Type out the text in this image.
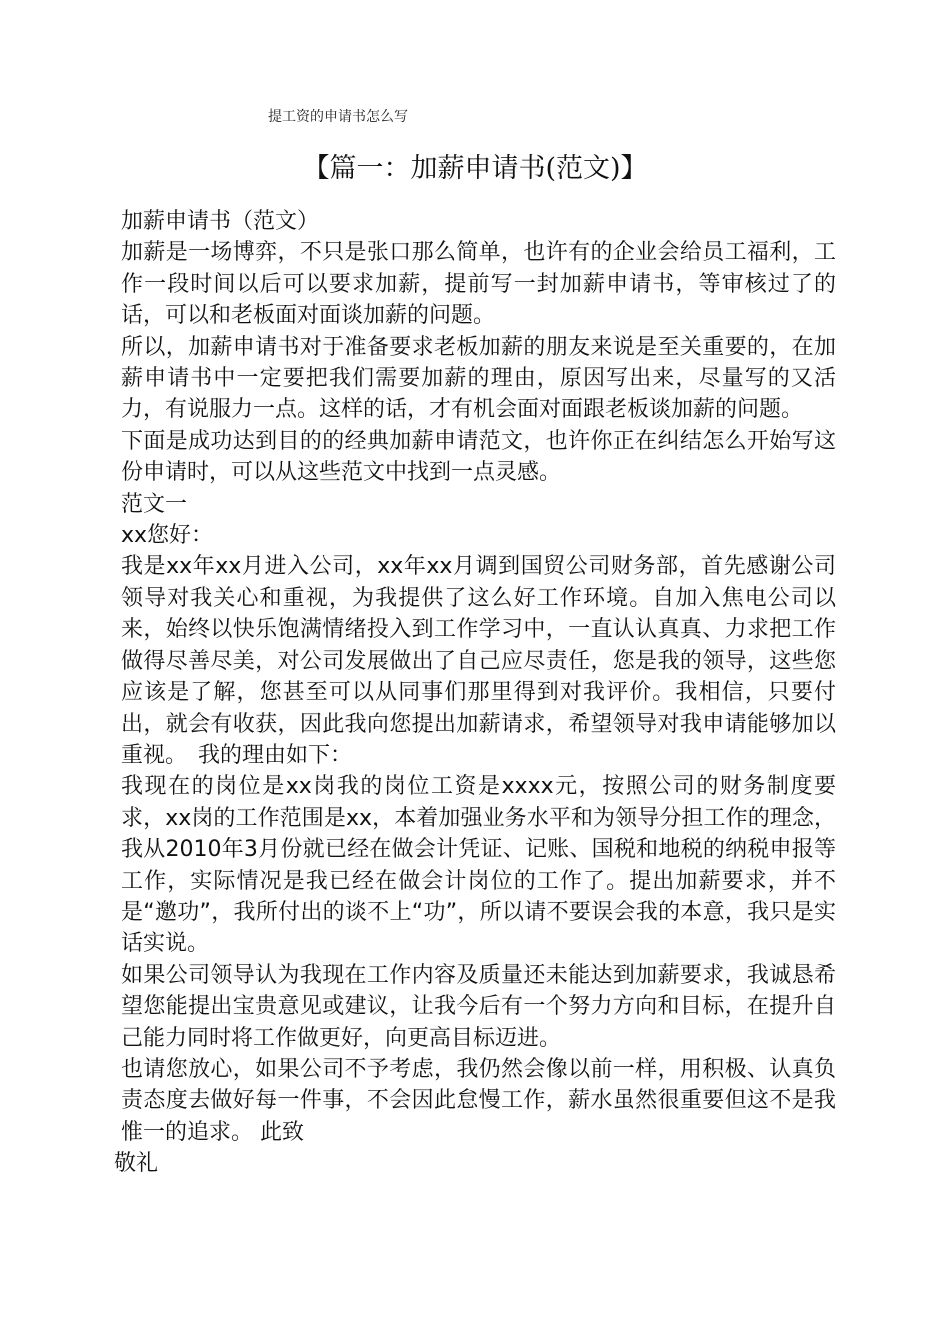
提工资的申请书怎么写
【篇一：加薪申请书(范文)】

加薪申请书（范文）

加薪是一场博弈，不只是张口那么简单，也许有的企业会给员工福利，工作一段时间以后可以要求加薪，提前写一封加薪申请书，等审核过了的话，可以和老板面对面谈加薪的问题。

所以，加薪申请书对于准备要求老板加薪的朋友来说是至关重要的，在加薪申请书中一定要把我们需要加薪的理由，原因写出来，尽量写的又活力，有说服力一点。这样的话，才有机会面对面跟老板谈加薪的问题。

下面是成功达到目的的经典加薪申请范文，也许你正在纠结怎么开始写这份申请时，可以从这些范文中找到一点灵感。

范文一

xx您好：

我是xx年xx月进入公司，xx年xx月调到国贸公司财务部，首先感谢公司领导对我关心和重视，为我提供了这么好工作环境。自加入焦电公司以来，始终以快乐饱满情绪投入到工作学习中，一直认认真真、力求把工作做得尽善尽美，对公司发展做出了自己应尽责任，您是我的领导，这些您应该是了解，您甚至可以从同事们那里得到对我评价。我相信，只要付出，就会有收获，因此我向您提出加薪请求，希望领导对我申请能够加以重视。　我的理由如下：

我现在的岗位是xx岗我的岗位工资是xxxx元，按照公司的财务制度要求，xx岗的工作范围是xx，本着加强业务水平和为领导分担工作的理念，我从2010年3月份就已经在做会计凭证、记账、国税和地税的纳税申报等工作，实际情况是我已经在做会计岗位的工作了。提出加薪要求，并不是“邀功”，我所付出的谈不上“功”，所以请不要误会我的本意，我只是实话实说。

如果公司领导认为我现在工作内容及质量还未能达到加薪要求，我诚恳希望您能提出宝贵意见或建议，让我今后有一个努力方向和目标，在提升自己能力同时将工作做更好，向更高目标迈进。

也请您放心，如果公司不予考虑，我仍然会像以前一样，用积极、认真负责态度去做好每一件事，不会因此怠慢工作，薪水虽然很重要但这不是我惟一的追求。 此致

敬礼
